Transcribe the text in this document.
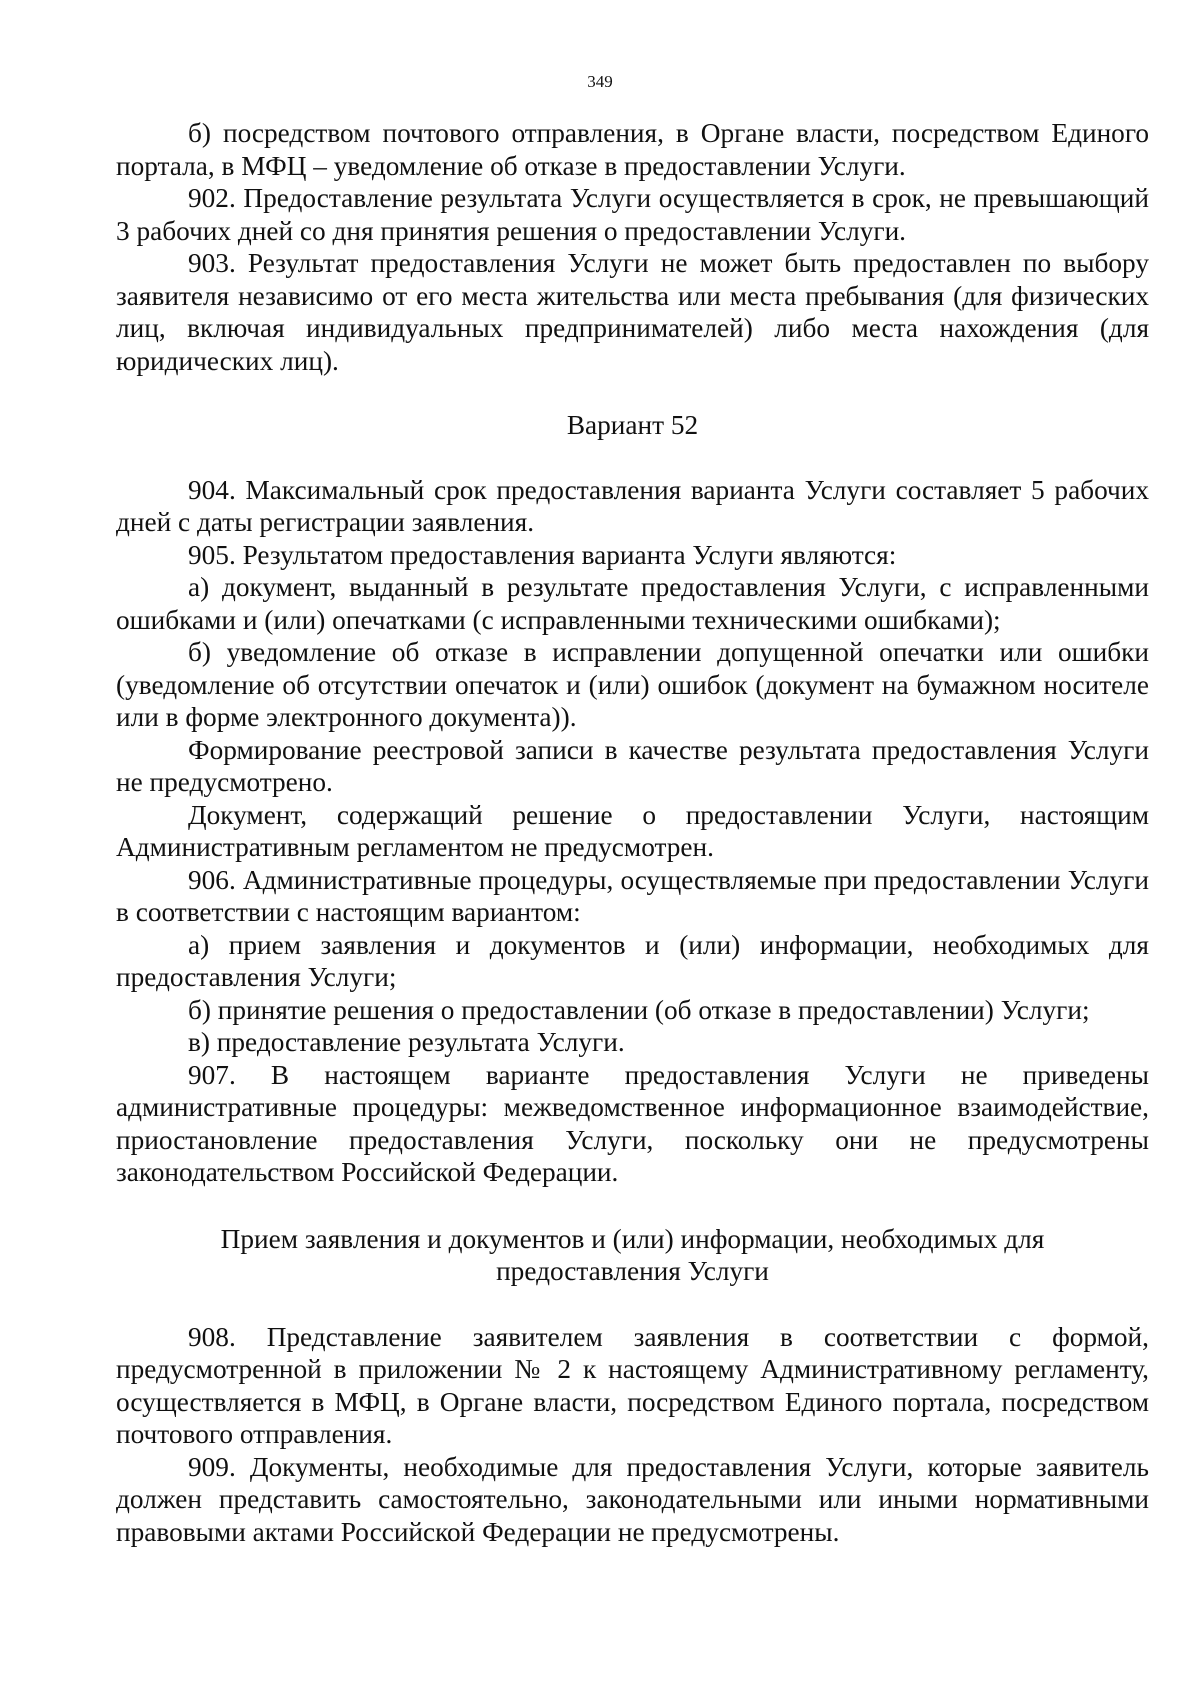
349

б) посредством почтового отправления, в Органе власти, посредством Единого портала, в МФЦ – уведомление об отказе в предоставлении Услуги.

902. Предоставление результата Услуги осуществляется в срок, не превышающий 3 рабочих дней со дня принятия решения о предоставлении Услуги.

903. Результат предоставления Услуги не может быть предоставлен по выбору заявителя независимо от его места жительства или места пребывания (для физических лиц, включая индивидуальных предпринимателей) либо места нахождения (для юридических лиц).

Вариант 52

904. Максимальный срок предоставления варианта Услуги составляет 5 рабочих дней с даты регистрации заявления.

905. Результатом предоставления варианта Услуги являются:

а) документ, выданный в результате предоставления Услуги, с исправленными ошибками и (или) опечатками (с исправленными техническими ошибками);

б) уведомление об отказе в исправлении допущенной опечатки или ошибки (уведомление об отсутствии опечаток и (или) ошибок (документ на бумажном носителе или в форме электронного документа)).

Формирование реестровой записи в качестве результата предоставления Услуги не предусмотрено.

Документ, содержащий решение о предоставлении Услуги, настоящим Административным регламентом не предусмотрен.

906. Административные процедуры, осуществляемые при предоставлении Услуги в соответствии с настоящим вариантом:

а) прием заявления и документов и (или) информации, необходимых для предоставления Услуги;

б) принятие решения о предоставлении (об отказе в предоставлении) Услуги;

в) предоставление результата Услуги.

907. В настоящем варианте предоставления Услуги не приведены административные процедуры: межведомственное информационное взаимодействие, приостановление предоставления Услуги, поскольку они не предусмотрены законодательством Российской Федерации.

Прием заявления и документов и (или) информации, необходимых для
предоставления Услуги

908. Представление заявителем заявления в соответствии с формой, предусмотренной в приложении № 2 к настоящему Административному регламенту, осуществляется в МФЦ, в Органе власти, посредством Единого портала, посредством почтового отправления.

909. Документы, необходимые для предоставления Услуги, которые заявитель должен представить самостоятельно, законодательными или иными нормативными правовыми актами Российской Федерации не предусмотрены.
